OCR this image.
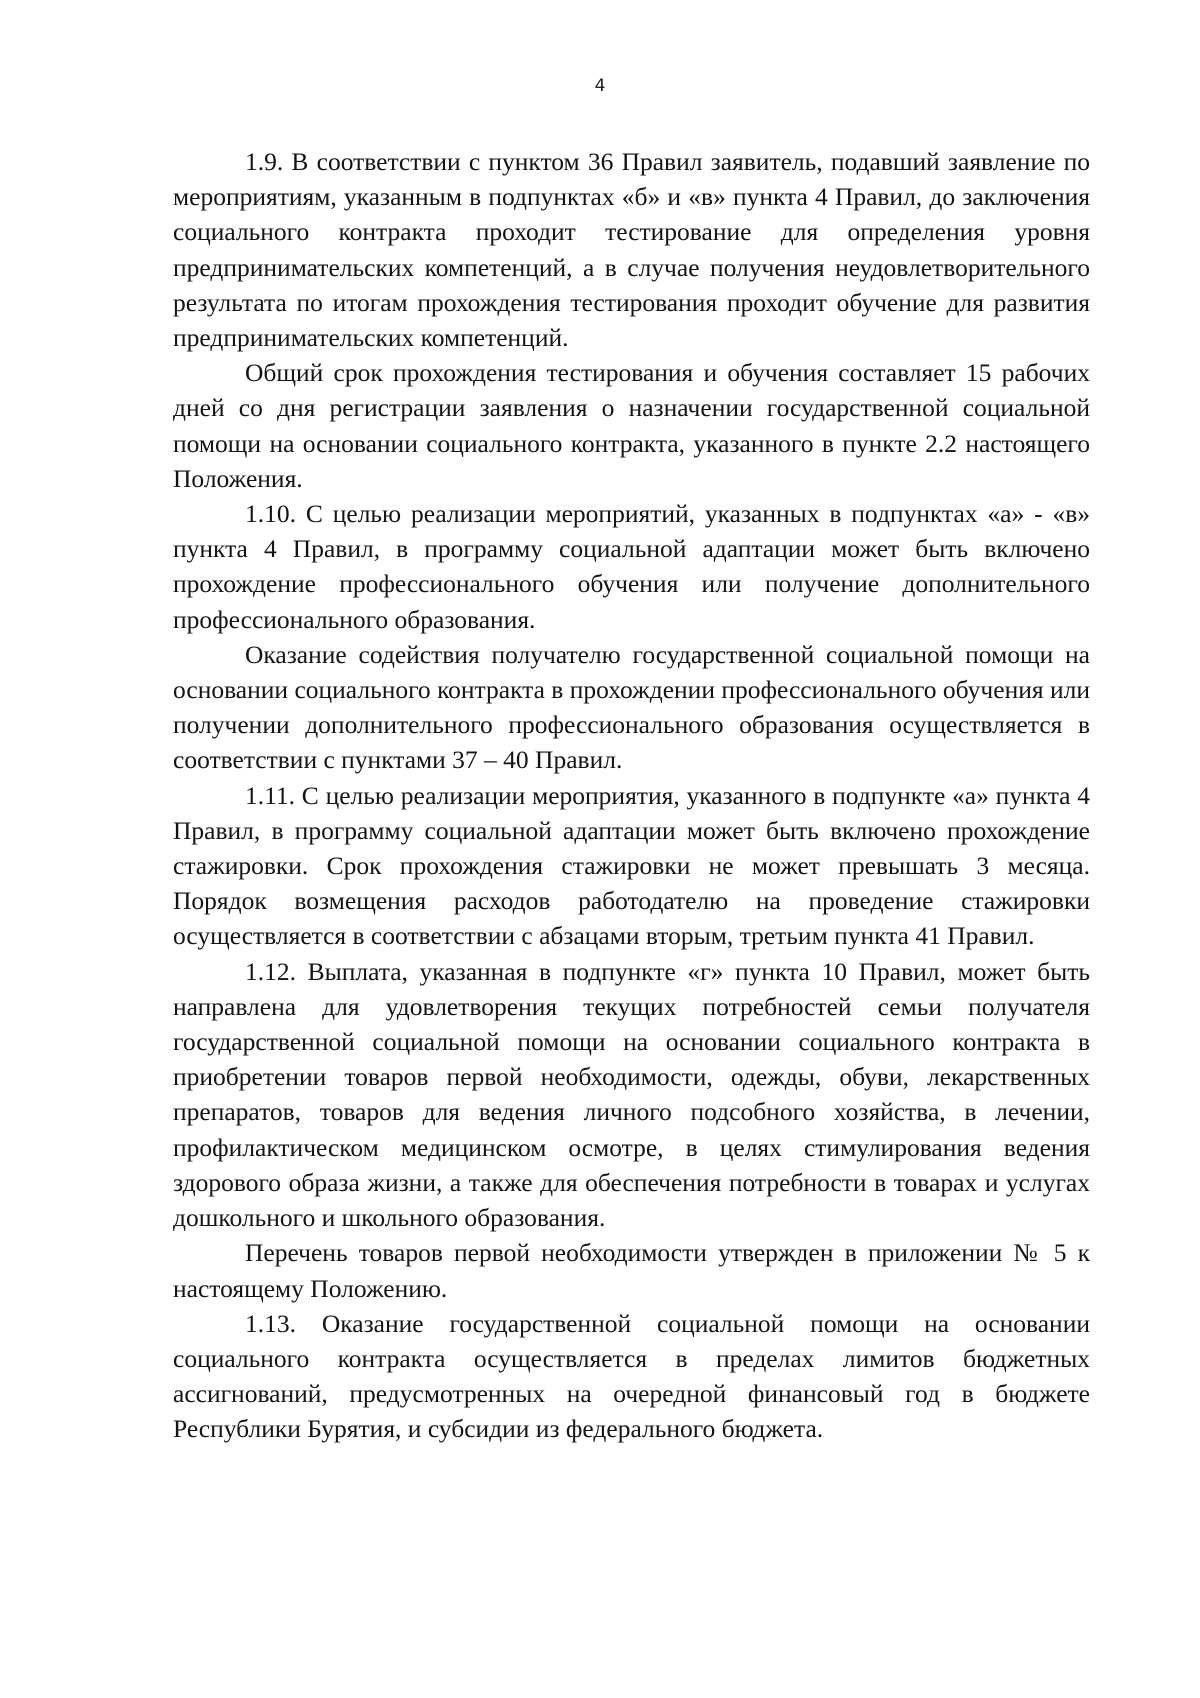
4

1.9. В соответствии с пунктом 36 Правил заявитель, подавший заявление по мероприятиям, указанным в подпунктах «б» и «в» пункта 4 Правил, до заключения социального контракта проходит тестирование для определения уровня предпринимательских компетенций, а в случае получения неудовлетворительного результата по итогам прохождения тестирования проходит обучение для развития предпринимательских компетенций.

Общий срок прохождения тестирования и обучения составляет 15 рабочих дней со дня регистрации заявления о назначении государственной социальной помощи на основании социального контракта, указанного в пункте 2.2 настоящего Положения.

1.10. С целью реализации мероприятий, указанных в подпунктах «а» - «в» пункта 4 Правил, в программу социальной адаптации может быть включено прохождение профессионального обучения или получение дополнительного профессионального образования.

Оказание содействия получателю государственной социальной помощи на основании социального контракта в прохождении профессионального обучения или получении дополнительного профессионального образования осуществляется в соответствии с пунктами 37 – 40 Правил.

1.11. С целью реализации мероприятия, указанного в подпункте «а» пункта 4 Правил, в программу социальной адаптации может быть включено прохождение стажировки. Срок прохождения стажировки не может превышать 3 месяца. Порядок возмещения расходов работодателю на проведение стажировки осуществляется в соответствии с абзацами вторым, третьим пункта 41 Правил.

1.12. Выплата, указанная в подпункте «г» пункта 10 Правил, может быть направлена для удовлетворения текущих потребностей семьи получателя государственной социальной помощи на основании социального контракта в приобретении товаров первой необходимости, одежды, обуви, лекарственных препаратов, товаров для ведения личного подсобного хозяйства, в лечении, профилактическом медицинском осмотре, в целях стимулирования ведения здорового образа жизни, а также для обеспечения потребности в товарах и услугах дошкольного и школьного образования.

Перечень товаров первой необходимости утвержден в приложении № 5 к настоящему Положению.

1.13. Оказание государственной социальной помощи на основании социального контракта осуществляется в пределах лимитов бюджетных ассигнований, предусмотренных на очередной финансовый год в бюджете Республики Бурятия, и субсидии из федерального бюджета.
